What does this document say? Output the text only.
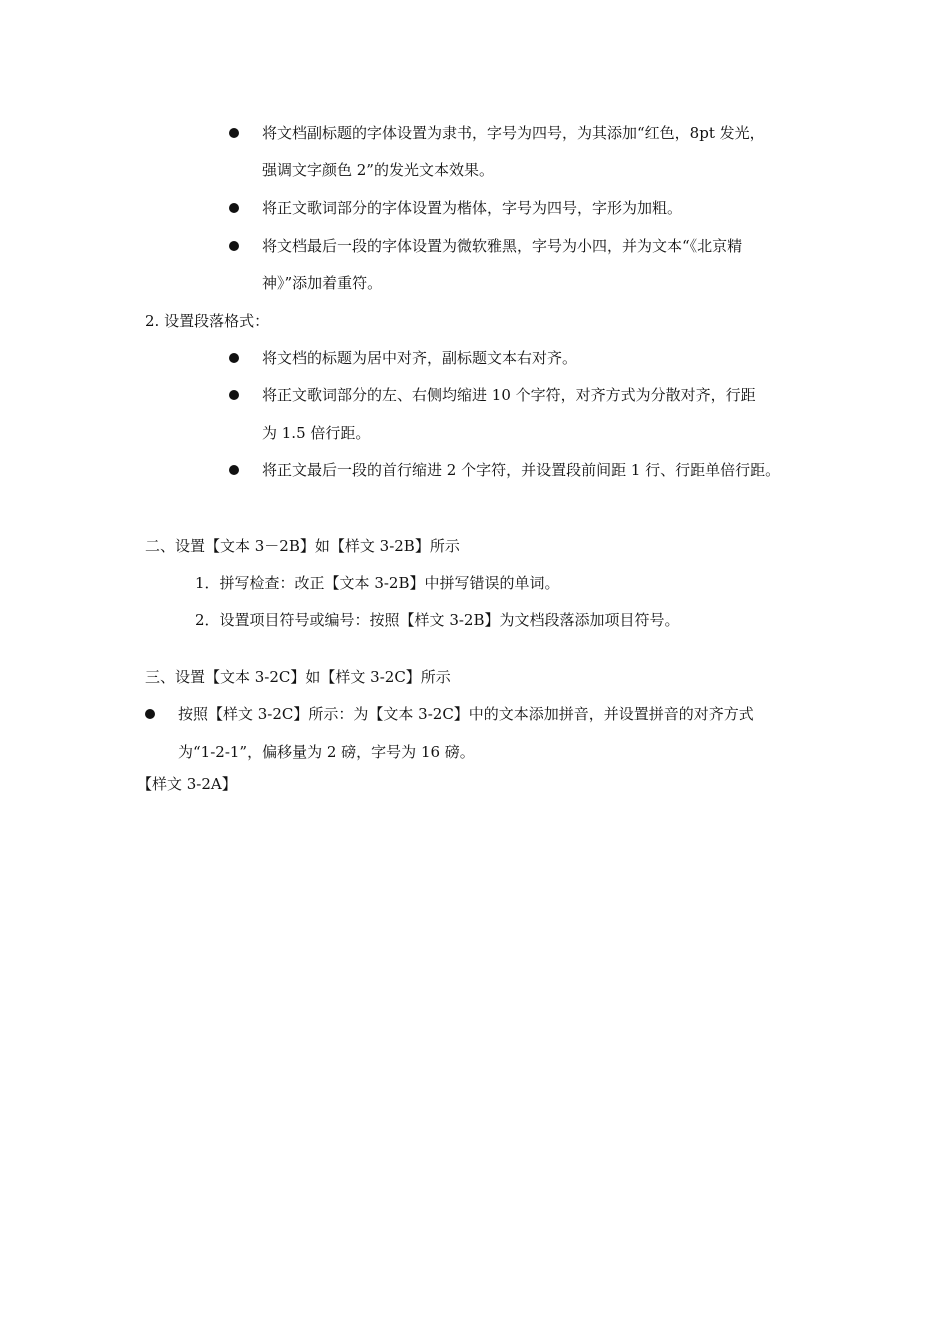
将文档副标题的字体设置为隶书，字号为四号，为其添加“红色，8pt 发光，
强调文字颜色 2”的发光文本效果。
将正文歌词部分的字体设置为楷体，字号为四号，字形为加粗。
将文档最后一段的字体设置为微软雅黑，字号为小四，并为文本“《北京精
神》”添加着重符。
2. 设置段落格式：
将文档的标题为居中对齐，副标题文本右对齐。
将正文歌词部分的左、右侧均缩进 10 个字符，对齐方式为分散对齐，行距
为 1.5 倍行距。
将正文最后一段的首行缩进 2 个字符，并设置段前间距 1 行、行距单倍行距。
二、设置【文本 3－2B】如【样文 3-2B】所示
1．拼写检查：改正【文本 3-2B】中拼写错误的单词。
2．设置项目符号或编号：按照【样文 3-2B】为文档段落添加项目符号。
三、设置【文本 3-2C】如【样文 3-2C】所示
按照【样文 3-2C】所示：为【文本 3-2C】中的文本添加拼音，并设置拼音的对齐方式
为“1-2-1”，偏移量为 2 磅，字号为 16 磅。
【样文 3-2A】
